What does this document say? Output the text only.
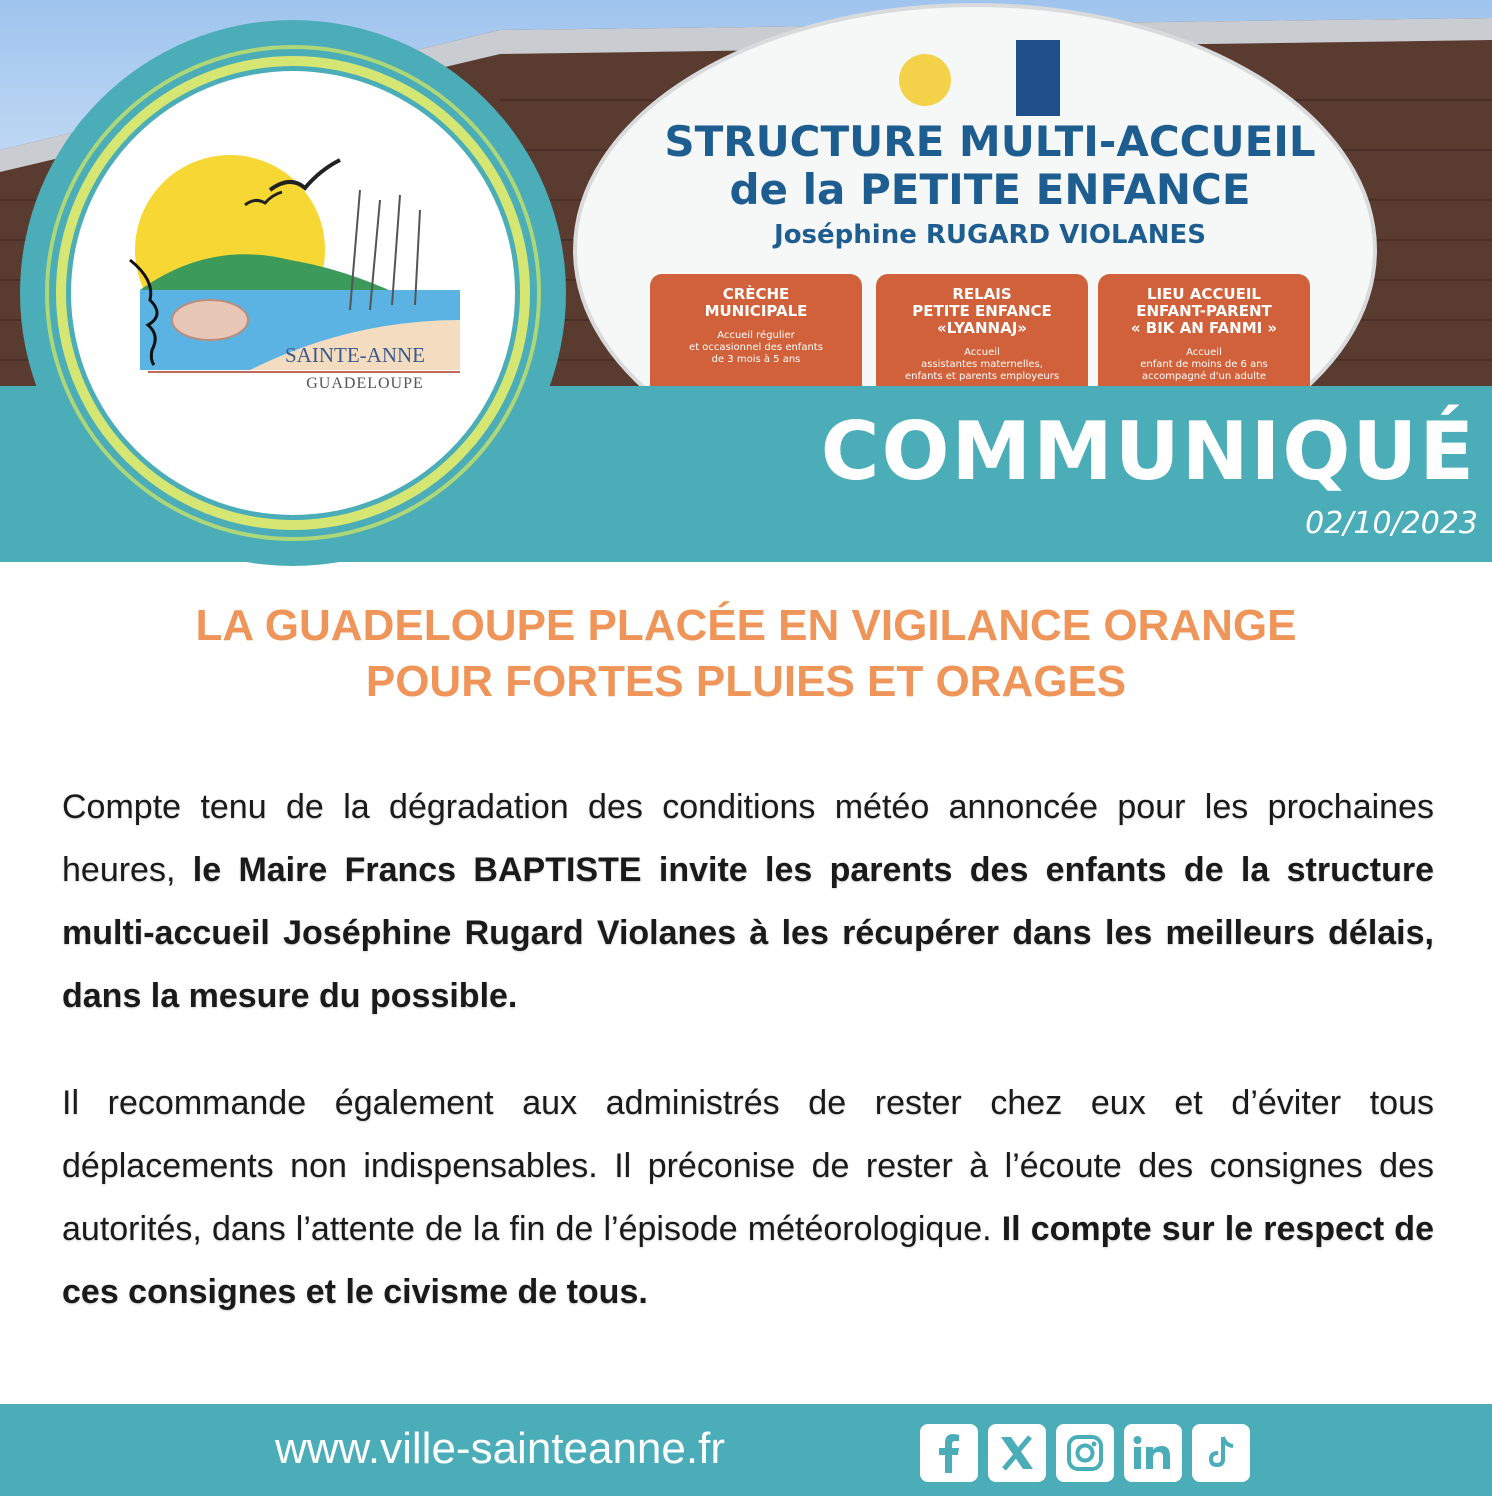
STRUCTURE MULTI-ACCUEIL
de la PETITE ENFANCE
Joséphine RUGARD VIOLANES
CRÈCHE
MUNICIPALE
Accueil régulier
et occasionnel des enfants
de 3 mois à 5 ans
RELAIS
PETITE ENFANCE
«LYANNAJ»
Accueil
assistantes maternelles,
enfants et parents employeurs
LIEU ACCUEIL
ENFANT-PARENT
« BIK AN FANMI »
Accueil
enfant de moins de 6 ans
accompagné d'un adulte
COMMUNIQUÉ
02/10/2023
SAINTE-ANNE
GUADELOUPE
LA GUADELOUPE PLACÉE EN VIGILANCE ORANGE
POUR FORTES PLUIES ET ORAGES
Compte tenu de la dégradation des conditions météo annoncée pour les prochaines heures, le Maire Francs BAPTISTE invite les parents des enfants de la structure multi-accueil Joséphine Rugard Violanes à les récupérer dans les meilleurs délais, dans la mesure du possible.
Il recommande également aux administrés de rester chez eux et d’éviter tous déplacements non indispensables. Il préconise de rester à l’écoute des consignes des autorités, dans l’attente de la fin de l’épisode météorologique. Il compte sur le respect de ces consignes et le civisme de tous.
www.ville-sainteanne.fr
